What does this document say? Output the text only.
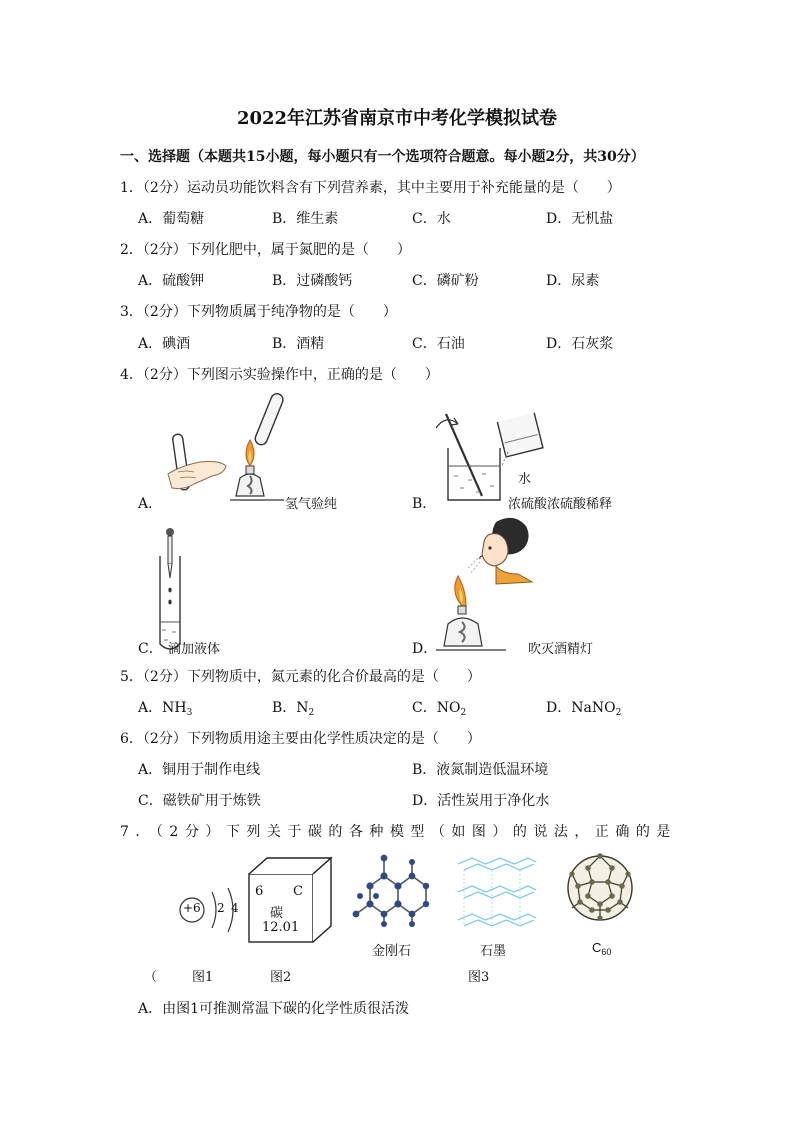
2022年江苏省南京市中考化学模拟试卷
一、选择题（本题共15小题，每小题只有一个选项符合题意。每小题2分，共30分）
1．（2分）运动员功能饮料含有下列营养素，其中主要用于补充能量的是（　　）
A．葡萄糖	B．维生素	C．水	D．无机盐
2．（2分）下列化肥中，属于氮肥的是（　　）
A．硫酸钾	B．过磷酸钙	C．磷矿粉	D．尿素
3．（2分）下列物质属于纯净物的是（　　）
A．碘酒	B．酒精	C．石油	D．石灰浆
4．（2分）下列图示实验操作中，正确的是（　　）
A．	氢气验纯	B．
水
浓硫酸浓硫酸稀释
C． 滴加液体	D．	吹灭酒精灯
5．（2分）下列物质中，氮元素的化合价最高的是（　　）
A．$NH_3$	B．$N_2$	C．$NO_2$	D．NaNO$_2$
6．（2分）下列物质用途主要由化学性质决定的是（　　）
A．铜用于制作电线	B．液氮制造低温环境
C．磁铁矿用于炼铁	D．活性炭用于净化水
7．（2分）下列关于碳的各种模型（如图）的说法，正确的是
+6 2 4
6 C
碳
12.01
金刚石	石墨	$C_{60}$
（	图1	图2	图3
A．由图1可推测常温下碳的化学性质很活泼
